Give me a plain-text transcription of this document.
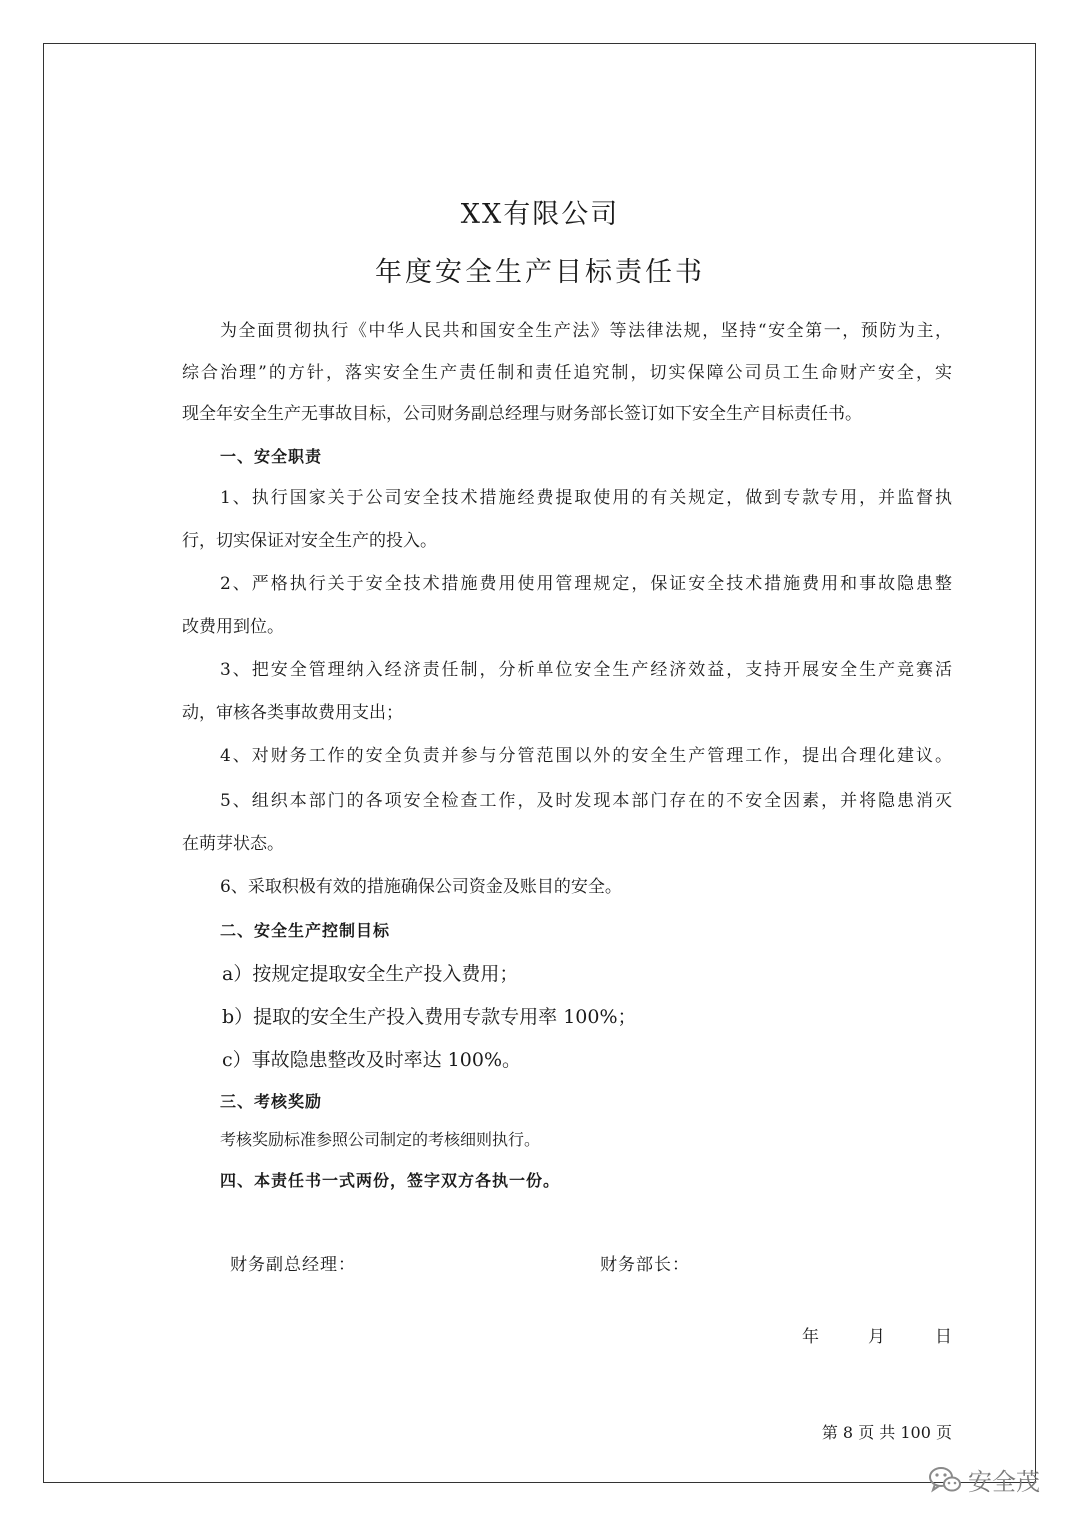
XX有限公司
年度安全生产目标责任书
为全面贯彻执行《中华人民共和国安全生产法》等法律法规，坚持“安全第一，预防为主，
综合治理”的方针，落实安全生产责任制和责任追究制，切实保障公司员工生命财产安全，实
现全年安全生产无事故目标，公司财务副总经理与财务部长签订如下安全生产目标责任书。
一、安全职责
1、执行国家关于公司安全技术措施经费提取使用的有关规定，做到专款专用，并监督执
行，切实保证对安全生产的投入。
2、严格执行关于安全技术措施费用使用管理规定，保证安全技术措施费用和事故隐患整
改费用到位。
3、把安全管理纳入经济责任制，分析单位安全生产经济效益，支持开展安全生产竞赛活
动，审核各类事故费用支出；
4、对财务工作的安全负责并参与分管范围以外的安全生产管理工作，提出合理化建议。
5、组织本部门的各项安全检查工作，及时发现本部门存在的不安全因素，并将隐患消灭
在萌芽状态。
6、采取积极有效的措施确保公司资金及账目的安全。
二、安全生产控制目标
a）按规定提取安全生产投入费用；
b）提取的安全生产投入费用专款专用率 100%；
c）事故隐患整改及时率达 100%。
三、考核奖励
考核奖励标准参照公司制定的考核细则执行。
四、本责任书一式两份，签字双方各执一份。
财务副总经理：	财务部长：
年	月	日
第 8 页 共 100 页
安全茂
